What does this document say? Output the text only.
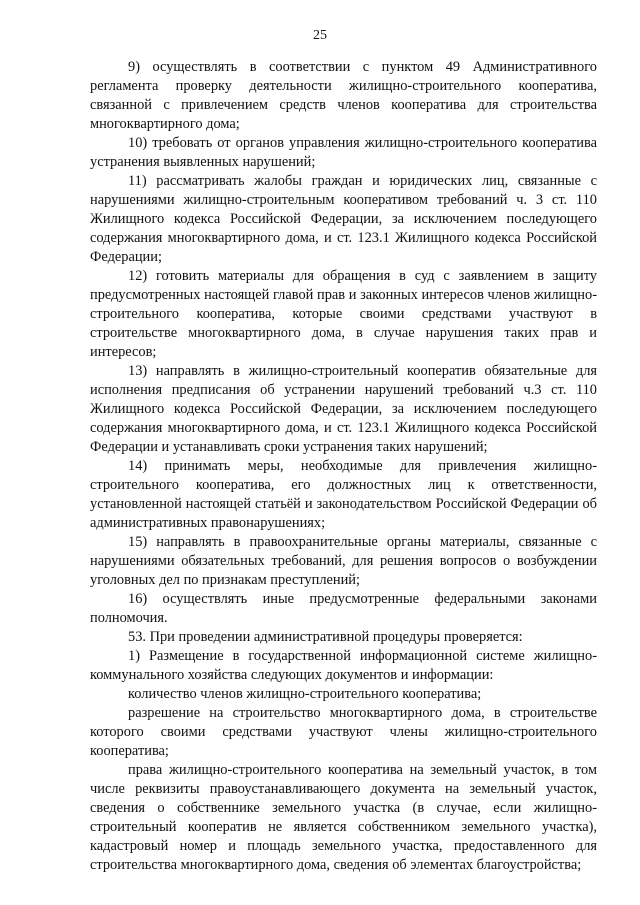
25

9) осуществлять в соответствии с пунктом 49 Административного регламента проверку деятельности жилищно-строительного кооператива, связанной с привлечением средств членов кооператива для строительства многоквартирного дома;

10) требовать от органов управления жилищно-строительного кооператива устранения выявленных нарушений;

11) рассматривать жалобы граждан и юридических лиц, связанные с нарушениями жилищно-строительным кооперативом требований ч. 3 ст. 110 Жилищного кодекса Российской Федерации, за исключением последующего содержания многоквартирного дома, и ст. 123.1 Жилищного кодекса Российской Федерации;

12) готовить материалы для обращения в суд с заявлением в защиту предусмотренных настоящей главой прав и законных интересов членов жилищно-строительного кооператива, которые своими средствами участвуют в строительстве многоквартирного дома, в случае нарушения таких прав и интересов;

13) направлять в жилищно-строительный кооператив обязательные для исполнения предписания об устранении нарушений требований ч.3 ст. 110 Жилищного кодекса Российской Федерации, за исключением последующего содержания многоквартирного дома, и ст. 123.1 Жилищного кодекса Российской Федерации и устанавливать сроки устранения таких нарушений;

14) принимать меры, необходимые для привлечения жилищно-строительного кооператива, его должностных лиц к ответственности, установленной настоящей статьёй и законодательством Российской Федерации об административных правонарушениях;

15) направлять в правоохранительные органы материалы, связанные с нарушениями обязательных требований, для решения вопросов о возбуждении уголовных дел по признакам преступлений;

16) осуществлять иные предусмотренные федеральными законами полномочия.

53. При проведении административной процедуры проверяется:

1) Размещение в государственной информационной системе жилищно-коммунального хозяйства следующих документов и информации:

количество членов жилищно-строительного кооператива;

разрешение на строительство многоквартирного дома, в строительстве которого своими средствами участвуют члены жилищно-строительного кооператива;

права жилищно-строительного кооператива на земельный участок, в том числе реквизиты правоустанавливающего документа на земельный участок, сведения о собственнике земельного участка (в случае, если жилищно-строительный кооператив не является собственником земельного участка), кадастровый номер и площадь земельного участка, предоставленного для строительства многоквартирного дома, сведения об элементах благоустройства;
